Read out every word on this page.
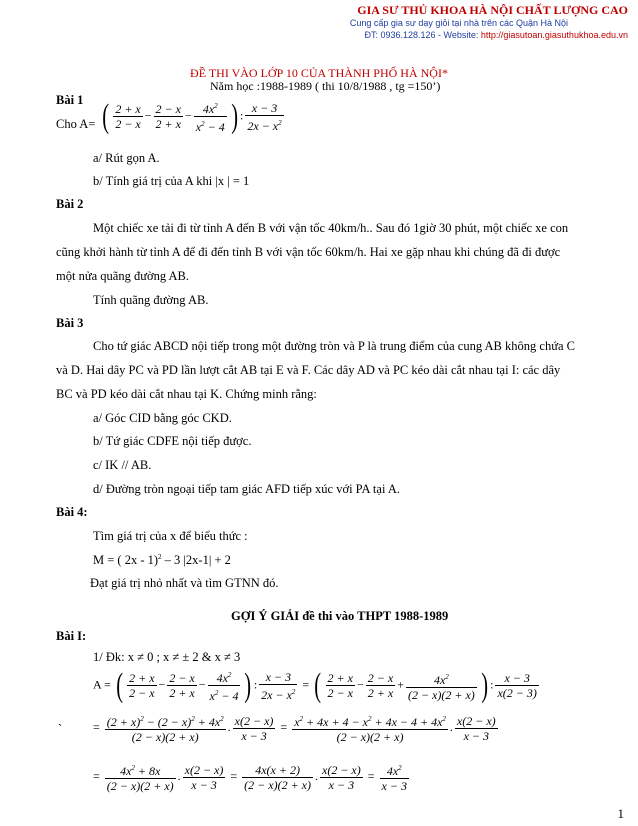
GIA SƯ THỦ KHOA HÀ NỘI CHẤT LƯỢNG CAO
Cung cấp gia sư dạy giỏi tại nhà trên các Quận Hà Nội
ĐT: 0936.128.126 - Website: http://giasutoan.giasuthukhoa.edu.vn
ĐỀ THI VÀO LỚP 10 CỦA THÀNH PHỐ HÀ NỘI*
Năm học :1988-1989 ( thi 10/8/1988 , tg =150’)
Bài 1
Cho A= ( $\frac{2 + x}{2 - x} - \frac{2 - x}{2 + x} - \frac{4x^2}{x^2 - 4}$ ) : $\frac{x - 3}{2x - x^2}$
a/ Rút gọn A.
b/ Tính giá trị của A khi |x | = 1
Bài 2
Một chiếc xe tải đi từ tỉnh A đến B với vận tốc 40km/h.. Sau đó 1giờ 30 phút, một chiếc xe con
cũng khởi hành từ tỉnh A để đi đến tỉnh B với vận tốc 60km/h. Hai xe gặp nhau khi chúng đã đi được
một nửa quãng đường AB.
Tính quãng đường AB.
Bài 3
Cho tứ giác ABCD nội tiếp trong một đường tròn và P là trung điểm của cung AB không chứa C
và D. Hai dây PC và PD lần lượt cắt AB tại E và F. Các dây AD và PC kéo dài cắt nhau tại I: các dây
BC và PD kéo dài cắt nhau tại K. Chứng minh rằng:
a/ Góc CID bằng góc CKD.
b/ Tứ giác CDFE nội tiếp được.
c/ IK // AB.
d/ Đường tròn ngoại tiếp tam giác AFD tiếp xúc với PA tại A.
Bài 4:
Tìm giá trị của x để biểu thức :
M = ( 2x - 1)$^2$ – 3 |2x-1| + 2
Đạt giá trị nhỏ nhất và tìm GTNN đó.
GỢI Ý GIẢI đề thi vào THPT 1988-1989
Bài I:
1/ Đk: x ≠ 0 ; x ≠ ± 2 & x ≠ 3
A = ( $\frac{2 + x}{2 - x} - \frac{2 - x}{2 + x} - \frac{4x^2}{x^2 - 4}$ ) : $\frac{x - 3}{2x - x^2}$ = ( $\frac{2 + x}{2 - x} - \frac{2 - x}{2 + x} + \frac{4x^2}{(2 - x)(2 + x)}$ ) : $\frac{x - 3}{x(2 - 3)}$
`	= $\frac{(2 + x)^2 - (2 - x)^2 + 4x^2}{(2 - x)(2 + x)}$ . $\frac{x(2 - x)}{x - 3} = \frac{x^2 + 4x + 4 - x^2 + 4x - 4 + 4x^2}{(2 - x)(2 + x)}$ . $\frac{x(2 - x)}{x - 3}$
= $\frac{4x^2 + 8x}{(2 - x)(2 + x)}$ . $\frac{x(2 - x)}{x - 3} = \frac{4x(x + 2)}{(2 - x)(2 + x)}$ . $\frac{x(2 - x)}{x - 3} = \frac{4x^2}{x - 3}$
1
